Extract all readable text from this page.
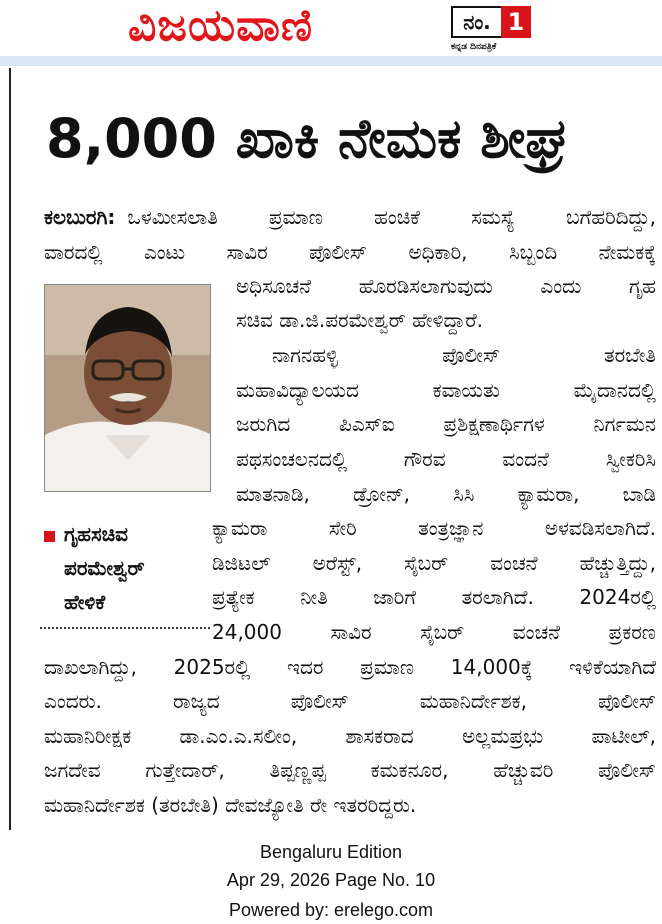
ವಿಜಯವಾಣಿ	ನಂ. 1
ಕನ್ನಡ ದಿನಪತ್ರಿಕೆ
8,000 ಖಾಕಿ ನೇಮಕ ಶೀಘ್ರ
ಕಲಬುರಗಿ: ಒಳಮೀಸಲಾತಿ ಪ್ರಮಾಣ ಹಂಚಿಕೆ ಸಮಸ್ಯೆ ಬಗೆಹರಿದಿದ್ದು,
ವಾರದಲ್ಲಿ ಎಂಟು ಸಾವಿರ ಪೊಲೀಸ್ ಅಧಿಕಾರಿ, ಸಿಬ್ಬಂದಿ ನೇಮಕಕ್ಕೆ
ಅಧಿಸೂಚನೆ ಹೊರಡಿಸಲಾಗುವುದು ಎಂದು ಗೃಹ
ಸಚಿವ ಡಾ.ಜಿ.ಪರಮೇಶ್ವರ್ ಹೇಳಿದ್ದಾರೆ.
ನಾಗನಹಳ್ಳಿ ಪೊಲೀಸ್ ತರಬೇತಿ
ಮಹಾವಿದ್ಯಾಲಯದ ಕವಾಯತು ಮೈದಾನದಲ್ಲಿ
ಜರುಗಿದ ಪಿಎಸ್ಐ ಪ್ರಶಿಕ್ಷಣಾರ್ಥಿಗಳ ನಿರ್ಗಮನ
ಪಥಸಂಚಲನದಲ್ಲಿ ಗೌರವ ವಂದನೆ ಸ್ವೀಕರಿಸಿ
ಮಾತನಾಡಿ, ಡ್ರೋನ್, ಸಿಸಿ ಕ್ಯಾಮರಾ, ಬಾಡಿ
ಕ್ಯಾಮರಾ ಸೇರಿ ತಂತ್ರಜ್ಞಾನ ಅಳವಡಿಸಲಾಗಿದೆ.
ಡಿಜಿಟಲ್ ಅರೆಸ್ಟ್, ಸೈಬರ್ ವಂಚನೆ ಹೆಚ್ಚುತ್ತಿದ್ದು,
ಪ್ರತ್ಯೇಕ ನೀತಿ ಜಾರಿಗೆ ತರಲಾಗಿದೆ. 2024ರಲ್ಲಿ
24,000 ಸಾವಿರ ಸೈಬರ್ ವಂಚನೆ ಪ್ರಕರಣ
ದಾಖಲಾಗಿದ್ದು, 2025ರಲ್ಲಿ ಇದರ ಪ್ರಮಾಣ 14,000ಕ್ಕೆ ಇಳಿಕೆಯಾಗಿದೆ
ಎಂದರು. ರಾಜ್ಯದ ಪೊಲೀಸ್ ಮಹಾನಿರ್ದೇಶಕ, ಪೊಲೀಸ್
ಮಹಾನಿರೀಕ್ಷಕ ಡಾ.ಎಂ.ಎ.ಸಲೀಂ, ಶಾಸಕರಾದ ಅಲ್ಲಮಪ್ರಭು ಪಾಟೀಲ್,
ಜಗದೇವ ಗುತ್ತೇದಾರ್, ತಿಪ್ಪಣ್ಣಪ್ಪ ಕಮಕನೂರ, ಹೆಚ್ಚುವರಿ ಪೊಲೀಸ್
ಮಹಾನಿರ್ದೇಶಕ (ತರಬೇತಿ) ದೇವಜ್ಯೋತಿ ರೇ ಇತರರಿದ್ದರು.
ಗೃಹಸಚಿವ
ಪರಮೇಶ್ವರ್
ಹೇಳಿಕೆ
Bengaluru Edition
Apr 29, 2026 Page No. 10
Powered by: erelego.com
